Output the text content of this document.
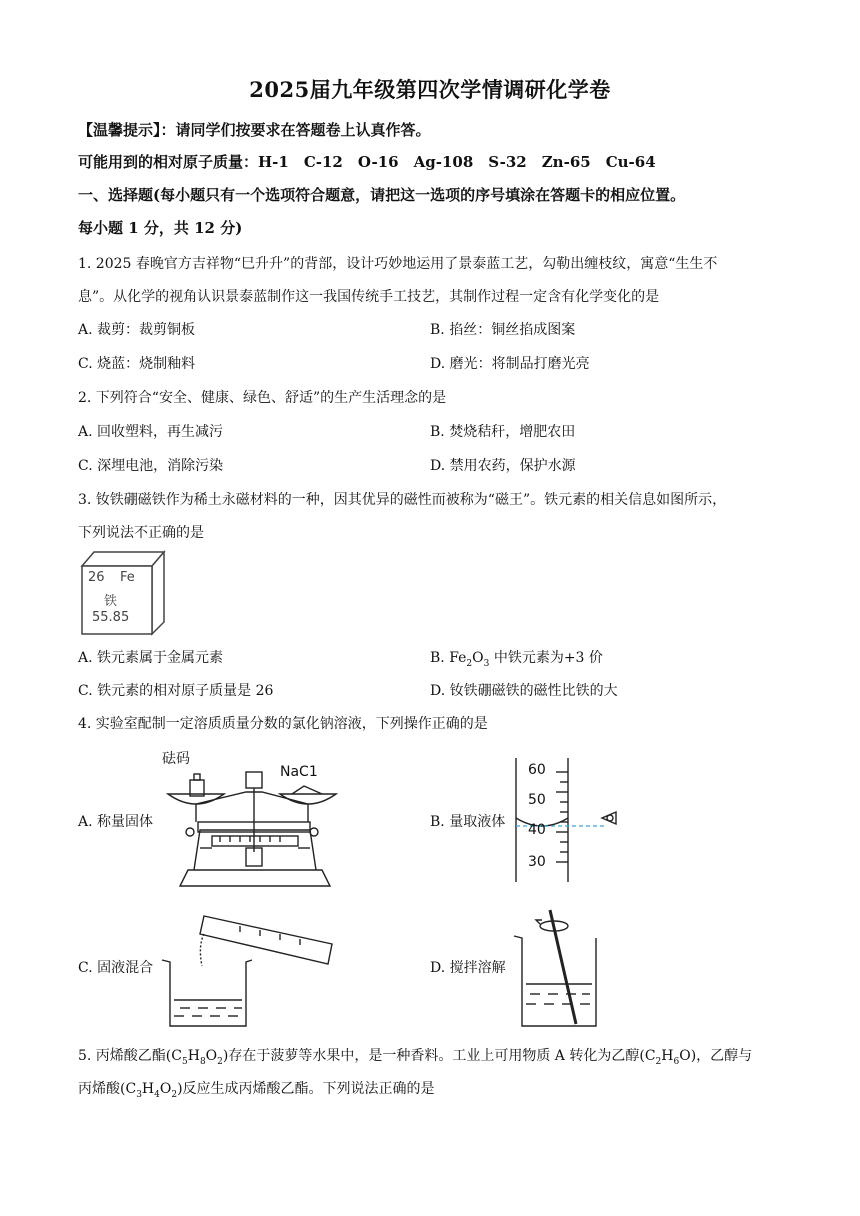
2025届九年级第四次学情调研化学卷
【温馨提示】：请同学们按要求在答题卷上认真作答。
可能用到的相对原子质量：H-1　C-12　O-16　Ag-108　S-32　Zn-65　Cu-64
一、选择题(每小题只有一个选项符合题意，请把这一选项的序号填涂在答题卡的相应位置。
每小题 1 分，共 12 分)
1. 2025 春晚官方吉祥物“巳升升”的背部，设计巧妙地运用了景泰蓝工艺，勾勒出缠枝纹，寓意“生生不
息”。从化学的视角认识景泰蓝制作这一我国传统手工技艺，其制作过程一定含有化学变化的是
A. 裁剪：裁剪铜板	B. 掐丝：铜丝掐成图案
C. 烧蓝：烧制釉料	D. 磨光：将制品打磨光亮
2. 下列符合“安全、健康、绿色、舒适”的生产生活理念的是
A. 回收塑料，再生减污	B. 焚烧秸秆，增肥农田
C. 深埋电池，消除污染	D. 禁用农药，保护水源
3. 钕铁硼磁铁作为稀土永磁材料的一种，因其优异的磁性而被称为“磁王”。铁元素的相关信息如图所示，
下列说法不正确的是
26 Fe
铁
55.85
A. 铁元素属于金属元素	B. $Fe_2O_3$ 中铁元素为+3 价
C. 铁元素的相对原子质量是 26	D. 钕铁硼磁铁的磁性比铁的大
4. 实验室配制一定溶质质量分数的氯化钠溶液，下列操作正确的是
A. 称量固体
砝码
NaC1
B. 量取液体
60
50
40
30
C. 固液混合	D. 搅拌溶解
5. 丙烯酸乙酯$(C_5H_8O_2)$存在于菠萝等水果中，是一种香料。工业上可用物质 A 转化为乙醇$(C_2H_6O)$，乙醇与
丙烯酸$(C_3H_4O_2)$反应生成丙烯酸乙酯。下列说法正确的是
